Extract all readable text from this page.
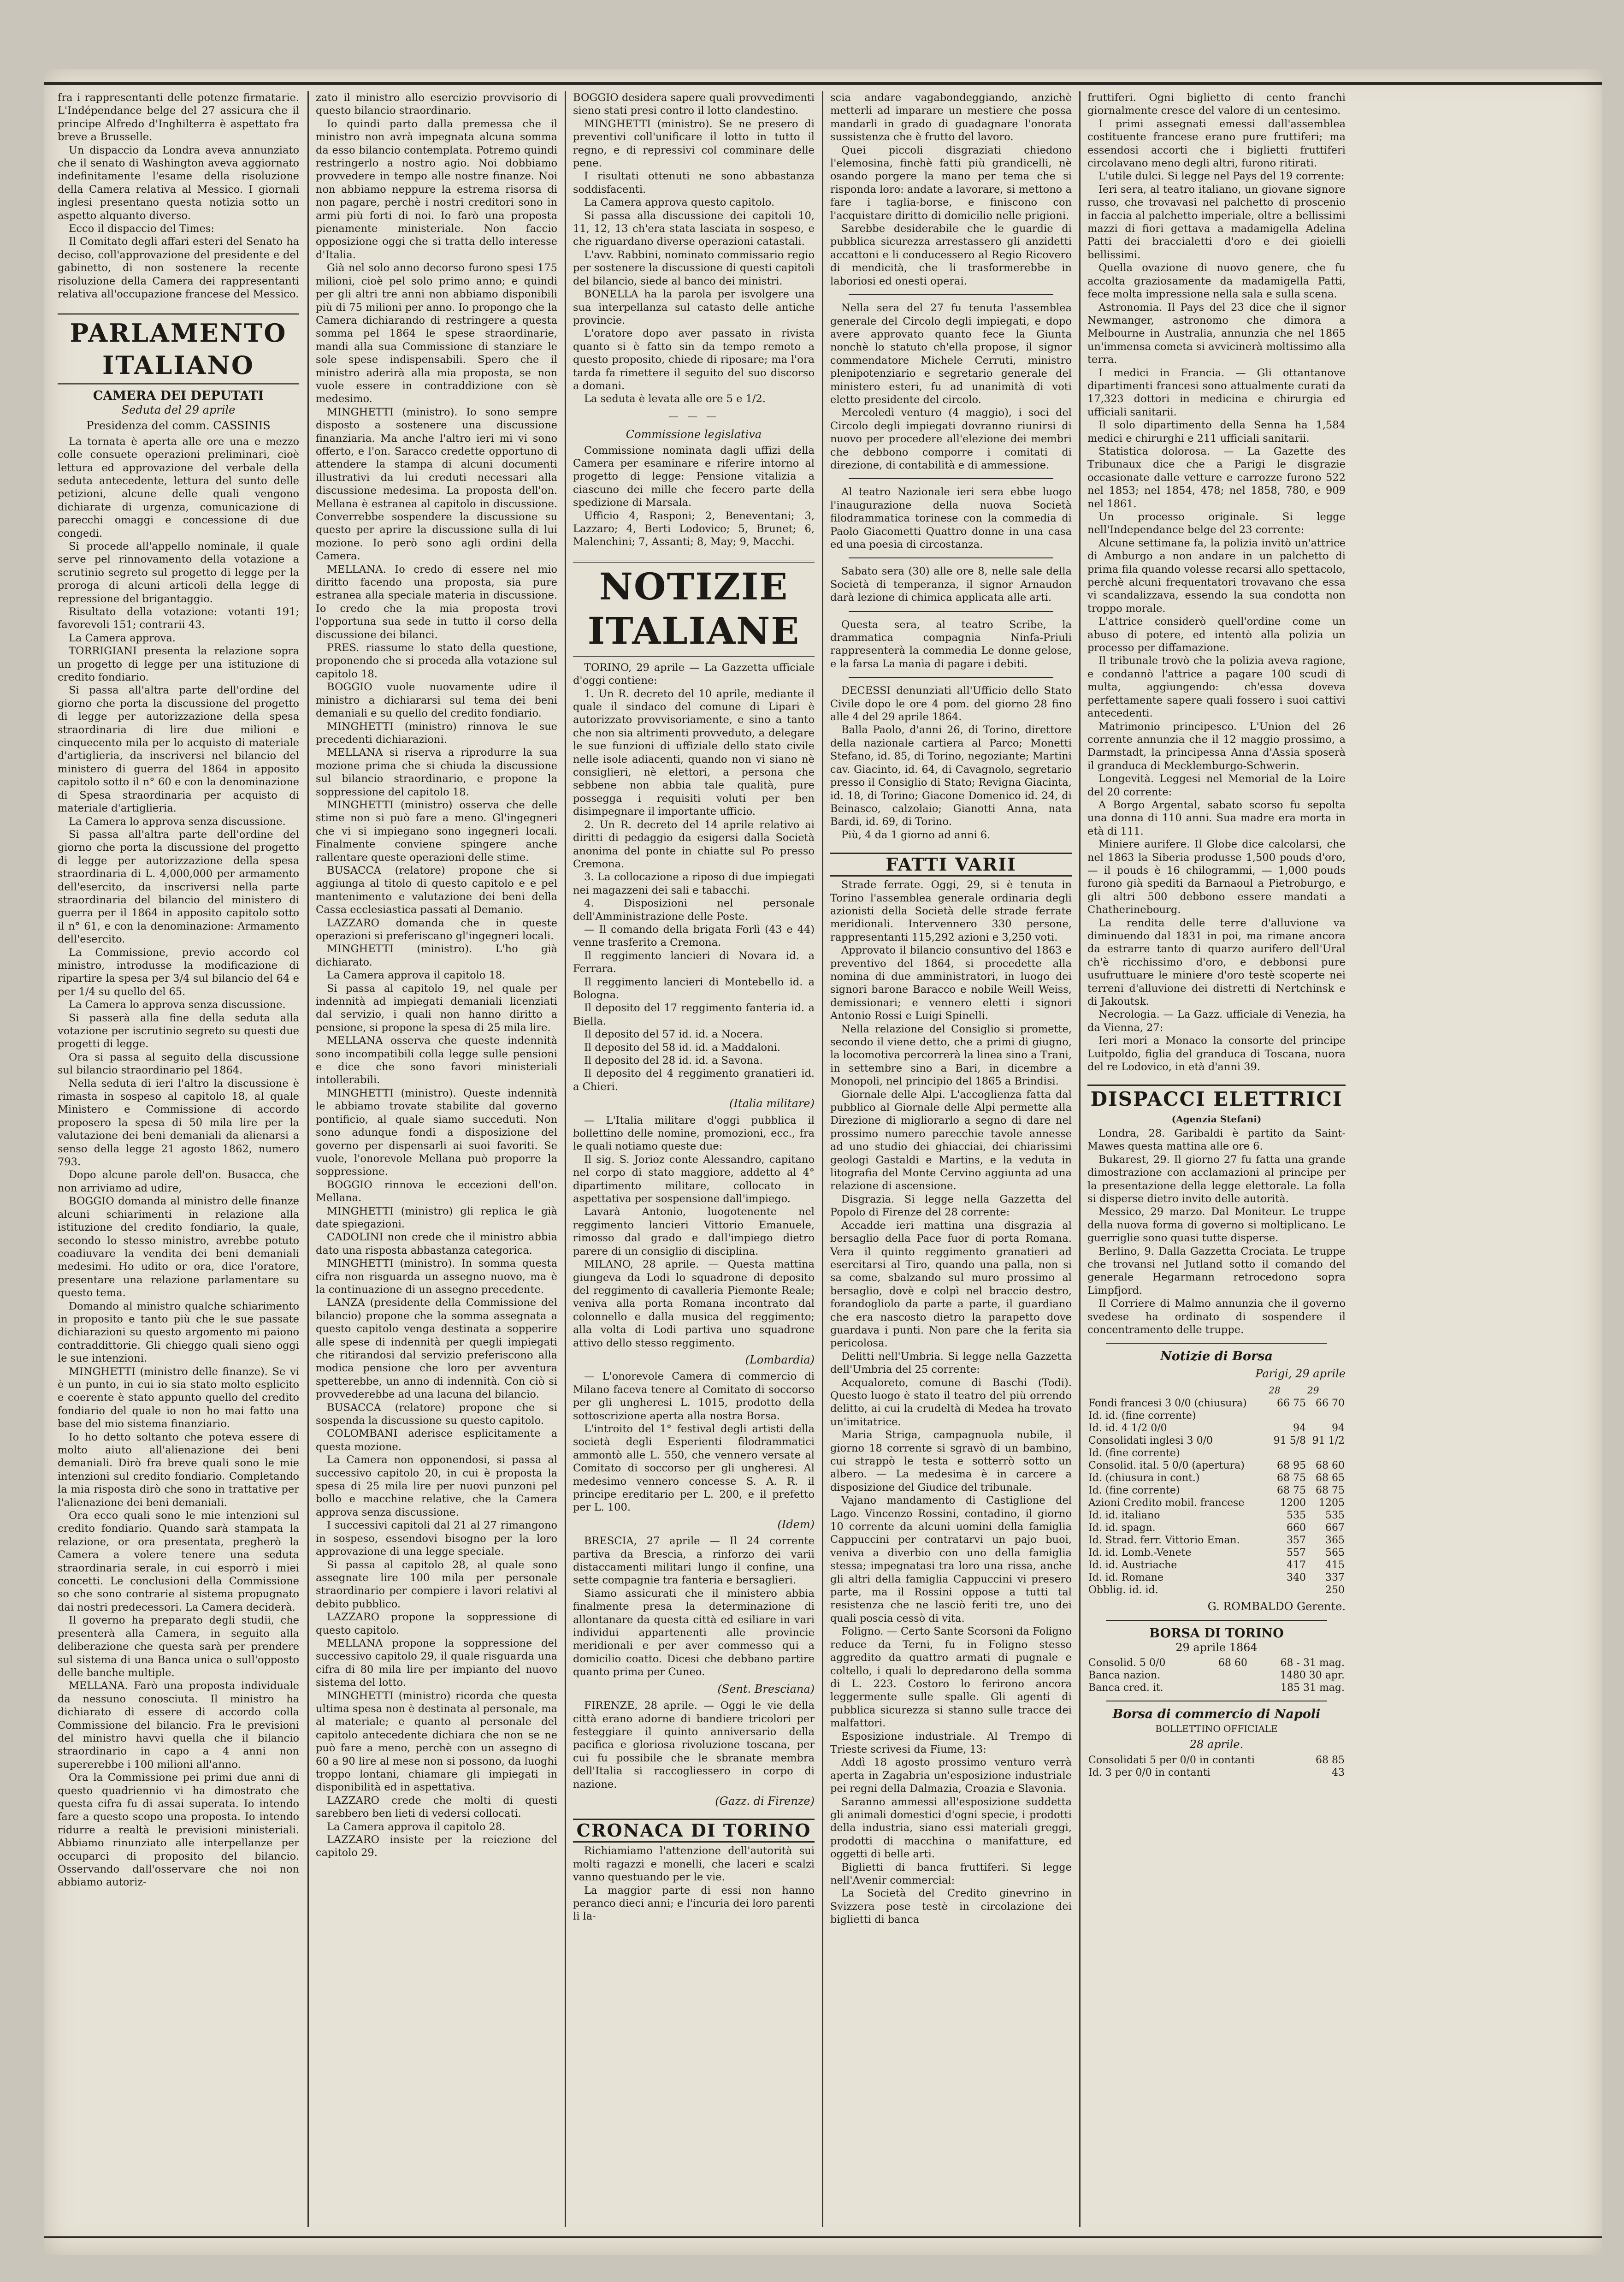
fra i rappresentanti delle potenze firmatarie. L'Indépendance belge del 27 assicura che il principe Alfredo d'Inghilterra è aspettato fra breve a Brusselle.

Un dispaccio da Londra aveva annunziato che il senato di Washington aveva aggiornato indefinitamente l'esame della risoluzione della Camera relativa al Messico. I giornali inglesi presentano questa notizia sotto un aspetto alquanto diverso.

Ecco il dispaccio del Times:

Il Comitato degli affari esteri del Senato ha deciso, coll'approvazione del presidente e del gabinetto, di non sostenere la recente risoluzione della Camera dei rappresentanti relativa all'occupazione francese del Messico.

PARLAMENTO ITALIANO
CAMERA DEI DEPUTATI
Seduta del 29 aprile
Presidenza del comm. CASSINIS

La tornata è aperta alle ore una e mezzo colle consuete operazioni preliminari, cioè lettura ed approvazione del verbale della seduta antecedente, lettura del sunto delle petizioni, alcune delle quali vengono dichiarate di urgenza, comunicazione di parecchi omaggi e concessione di due congedi.

Si procede all'appello nominale, il quale serve pel rinnovamento della votazione a scrutinio segreto sul progetto di legge per la proroga di alcuni articoli della legge di repressione del brigantaggio.

Risultato della votazione: votanti 191; favorevoli 151; contrarii 43.

La Camera approva.

TORRIGIANI presenta la relazione sopra un progetto di legge per una istituzione di credito fondiario.

Si passa all'altra parte dell'ordine del giorno che porta la discussione del progetto di legge per autorizzazione della spesa straordinaria di lire due milioni e cinquecento mila per lo acquisto di materiale d'artiglieria, da inscriversi nel bilancio del ministero di guerra del 1864 in apposito capitolo sotto il n° 60 e con la denominazione di Spesa straordinaria per acquisto di materiale d'artiglieria.

La Camera lo approva senza discussione.

Si passa all'altra parte dell'ordine del giorno che porta la discussione del progetto di legge per autorizzazione della spesa straordinaria di L. 4,000,000 per armamento dell'esercito, da inscriversi nella parte straordinaria del bilancio del ministero di guerra per il 1864 in apposito capitolo sotto il n° 61, e con la denominazione: Armamento dell'esercito.

La Commissione, previo accordo col ministro, introdusse la modificazione di ripartire la spesa per 3/4 sul bilancio del 64 e per 1/4 su quello del 65.

La Camera lo approva senza discussione.

Si passerà alla fine della seduta alla votazione per iscrutinio segreto su questi due progetti di legge.

Ora si passa al seguito della discussione sul bilancio straordinario pel 1864.

Nella seduta di ieri l'altro la discussione è rimasta in sospeso al capitolo 18, al quale Ministero e Commissione di accordo proposero la spesa di 50 mila lire per la valutazione dei beni demaniali da alienarsi a senso della legge 21 agosto 1862, numero 793.

Dopo alcune parole dell'on. Busacca, che non arriviamo ad udire,

BOGGIO domanda al ministro delle finanze alcuni schiarimenti in relazione alla istituzione del credito fondiario, la quale, secondo lo stesso ministro, avrebbe potuto coadiuvare la vendita dei beni demaniali medesimi. Ho udito or ora, dice l'oratore, presentare una relazione parlamentare su questo tema.

Domando al ministro qualche schiarimento in proposito e tanto più che le sue passate dichiarazioni su questo argomento mi paiono contraddittorie. Gli chieggo quali sieno oggi le sue intenzioni.

MINGHETTI (ministro delle finanze). Se vi è un punto, in cui io sia stato molto esplicito e coerente è stato appunto quello del credito fondiario del quale io non ho mai fatto una base del mio sistema finanziario.

Io ho detto soltanto che poteva essere di molto aiuto all'alienazione dei beni demaniali. Dirò fra breve quali sono le mie intenzioni sul credito fondiario. Completando la mia risposta dirò che sono in trattative per l'alienazione dei beni demaniali.

Ora ecco quali sono le mie intenzioni sul credito fondiario. Quando sarà stampata la relazione, or ora presentata, pregherò la Camera a volere tenere una seduta straordinaria serale, in cui esporrò i miei concetti. Le conclusioni della Commissione so che sono contrarie al sistema propugnato dai nostri predecessori. La Camera deciderà.

Il governo ha preparato degli studii, che presenterà alla Camera, in seguito alla deliberazione che questa sarà per prendere sul sistema di una Banca unica o sull'opposto delle banche multiple.

MELLANA. Farò una proposta individuale da nessuno conosciuta. Il ministro ha dichiarato di essere di accordo colla Commissione del bilancio. Fra le previsioni del ministro havvi quella che il bilancio straordinario in capo a 4 anni non supererebbe i 100 milioni all'anno.

Ora la Commissione pei primi due anni di questo quadriennio vi ha dimostrato che questa cifra fu di assai superata. Io intendo fare a questo scopo una proposta. Io intendo ridurre a realtà le previsioni ministeriali. Abbiamo rinunziato alle interpellanze per occuparci di proposito del bilancio. Osservando dall'osservare che noi non abbiamo autoriz-

zato il ministro allo esercizio provvisorio di questo bilancio straordinario.

Io quindi parto dalla premessa che il ministro non avrà impegnata alcuna somma da esso bilancio contemplata. Potremo quindi restringerlo a nostro agio. Noi dobbiamo provvedere in tempo alle nostre finanze. Noi non abbiamo neppure la estrema risorsa di non pagare, perchè i nostri creditori sono in armi più forti di noi. Io farò una proposta pienamente ministeriale. Non faccio opposizione oggi che si tratta dello interesse d'Italia.

Già nel solo anno decorso furono spesi 175 milioni, cioè pel solo primo anno; e quindi per gli altri tre anni non abbiamo disponibili più di 75 milioni per anno. Io propongo che la Camera dichiarando di restringere a questa somma pel 1864 le spese straordinarie, mandi alla sua Commissione di stanziare le sole spese indispensabili. Spero che il ministro aderirà alla mia proposta, se non vuole essere in contraddizione con sè medesimo.

MINGHETTI (ministro). Io sono sempre disposto a sostenere una discussione finanziaria. Ma anche l'altro ieri mi vi sono offerto, e l'on. Saracco credette opportuno di attendere la stampa di alcuni documenti illustrativi da lui creduti necessari alla discussione medesima. La proposta dell'on. Mellana è estranea al capitolo in discussione. Converrebbe sospendere la discussione su questo per aprire la discussione sulla di lui mozione. Io però sono agli ordini della Camera.

MELLANA. Io credo di essere nel mio diritto facendo una proposta, sia pure estranea alla speciale materia in discussione. Io credo che la mia proposta trovi l'opportuna sua sede in tutto il corso della discussione dei bilanci.

PRES. riassume lo stato della questione, proponendo che si proceda alla votazione sul capitolo 18.

BOGGIO vuole nuovamente udire il ministro a dichiararsi sul tema dei beni demaniali e su quello del credito fondiario.

MINGHETTI (ministro) rinnova le sue precedenti dichiarazioni.

MELLANA si riserva a riprodurre la sua mozione prima che si chiuda la discussione sul bilancio straordinario, e propone la soppressione del capitolo 18.

MINGHETTI (ministro) osserva che delle stime non si può fare a meno. Gl'ingegneri che vi si impiegano sono ingegneri locali. Finalmente conviene spingere anche rallentare queste operazioni delle stime.

BUSACCA (relatore) propone che si aggiunga al titolo di questo capitolo e e pel mantenimento e valutazione dei beni della Cassa ecclesiastica passati al Demanio.

LAZZARO domanda che in queste operazioni si preferiscano gl'ingegneri locali.

MINGHETTI (ministro). L'ho già dichiarato.

La Camera approva il capitolo 18.

Si passa al capitolo 19, nel quale per indennità ad impiegati demaniali licenziati dal servizio, i quali non hanno diritto a pensione, si propone la spesa di 25 mila lire.

MELLANA osserva che queste indennità sono incompatibili colla legge sulle pensioni e dice che sono favori ministeriali intollerabili.

MINGHETTI (ministro). Queste indennità le abbiamo trovate stabilite dal governo pontificio, al quale siamo succeduti. Non sono adunque fondi a disposizione del governo per dispensarli ai suoi favoriti. Se vuole, l'onorevole Mellana può proporre la soppressione.

BOGGIO rinnova le eccezioni dell'on. Mellana.

MINGHETTI (ministro) gli replica le già date spiegazioni.

CADOLINI non crede che il ministro abbia dato una risposta abbastanza categorica.

MINGHETTI (ministro). In somma questa cifra non risguarda un assegno nuovo, ma è la continuazione di un assegno precedente.

LANZA (presidente della Commissione del bilancio) propone che la somma assegnata a questo capitolo venga destinata a sopperire alle spese di indennità per quegli impiegati che ritirandosi dal servizio preferiscono alla modica pensione che loro per avventura spetterebbe, un anno di indennità. Con ciò si provvederebbe ad una lacuna del bilancio.

BUSACCA (relatore) propone che si sospenda la discussione su questo capitolo.

COLOMBANI aderisce esplicitamente a questa mozione.

La Camera non opponendosi, si passa al successivo capitolo 20, in cui è proposta la spesa di 25 mila lire per nuovi punzoni pel bollo e macchine relative, che la Camera approva senza discussione.

I successivi capitoli dal 21 al 27 rimangono in sospeso, essendovi bisogno per la loro approvazione di una legge speciale.

Si passa al capitolo 28, al quale sono assegnate lire 100 mila per personale straordinario per compiere i lavori relativi al debito pubblico.

LAZZARO propone la soppressione di questo capitolo.

MELLANA propone la soppressione del successivo capitolo 29, il quale risguarda una cifra di 80 mila lire per impianto del nuovo sistema del lotto.

MINGHETTI (ministro) ricorda che questa ultima spesa non è destinata al personale, ma al materiale; e quanto al personale del capitolo antecedente dichiara che non se ne può fare a meno, perchè con un assegno di 60 a 90 lire al mese non si possono, da luoghi troppo lontani, chiamare gli impiegati in disponibilità ed in aspettativa.

LAZZARO crede che molti di questi sarebbero ben lieti di vedersi collocati.

La Camera approva il capitolo 28.

LAZZARO insiste per la reiezione del capitolo 29.

BOGGIO desidera sapere quali provvedimenti sieno stati presi contro il lotto clandestino.

MINGHETTI (ministro). Se ne presero di preventivi coll'unificare il lotto in tutto il regno, e di repressivi col comminare delle pene.

I risultati ottenuti ne sono abbastanza soddisfacenti.

La Camera approva questo capitolo.

Si passa alla discussione dei capitoli 10, 11, 12, 13 ch'era stata lasciata in sospeso, e che riguardano diverse operazioni catastali.

L'avv. Rabbini, nominato commissario regio per sostenere la discussione di questi capitoli del bilancio, siede al banco dei ministri.

BONELLA ha la parola per isvolgere una sua interpellanza sul catasto delle antiche provincie.

L'oratore dopo aver passato in rivista quanto si è fatto sin da tempo remoto a questo proposito, chiede di riposare; ma l'ora tarda fa rimettere il seguito del suo discorso a domani.

La seduta è levata alle ore 5 e 1/2.

— — —
Commissione legislativa

Commissione nominata dagli uffizi della Camera per esaminare e riferire intorno al progetto di legge: Pensione vitalizia a ciascuno dei mille che fecero parte della spedizione di Marsala.

Ufficio 4, Rasponi; 2, Beneventani; 3, Lazzaro; 4, Berti Lodovico; 5, Brunet; 6, Malenchini; 7, Assanti; 8, May; 9, Macchi.

NOTIZIE ITALIANE

TORINO, 29 aprile — La Gazzetta ufficiale d'oggi contiene:

1. Un R. decreto del 10 aprile, mediante il quale il sindaco del comune di Lipari è autorizzato provvisoriamente, e sino a tanto che non sia altrimenti provveduto, a delegare le sue funzioni di uffiziale dello stato civile nelle isole adiacenti, quando non vi siano nè consiglieri, nè elettori, a persona che sebbene non abbia tale qualità, pure possegga i requisiti voluti per ben disimpegnare il importante ufficio.

2. Un R. decreto del 14 aprile relativo ai diritti di pedaggio da esigersi dalla Società anonima del ponte in chiatte sul Po presso Cremona.

3. La collocazione a riposo di due impiegati nei magazzeni dei sali e tabacchi.

4. Disposizioni nel personale dell'Amministrazione delle Poste.

— Il comando della brigata Forlì (43 e 44) venne trasferito a Cremona.

Il reggimento lancieri di Novara id. a Ferrara.

Il reggimento lancieri di Montebello id. a Bologna.

Il deposito del 17 reggimento fanteria id. a Biella.

Il deposito del 57 id. id. a Nocera.

Il deposito del 58 id. id. a Maddaloni.

Il deposito del 28 id. id. a Savona.

Il deposito del 4 reggimento granatieri id. a Chieri.

(Italia militare)

— L'Italia militare d'oggi pubblica il bollettino delle nomine, promozioni, ecc., fra le quali notiamo queste due:

Il sig. S. Jorioz conte Alessandro, capitano nel corpo di stato maggiore, addetto al 4° dipartimento militare, collocato in aspettativa per sospensione dall'impiego.

Lavarà Antonio, luogotenente nel reggimento lancieri Vittorio Emanuele, rimosso dal grado e dall'impiego dietro parere di un consiglio di disciplina.

MILANO, 28 aprile. — Questa mattina giungeva da Lodi lo squadrone di deposito del reggimento di cavalleria Piemonte Reale; veniva alla porta Romana incontrato dal colonnello e dalla musica del reggimento; alla volta di Lodi partiva uno squadrone attivo dello stesso reggimento.

(Lombardia)

— L'onorevole Camera di commercio di Milano faceva tenere al Comitato di soccorso per gli ungheresi L. 1015, prodotto della sottoscrizione aperta alla nostra Borsa.

L'introito del 1° festival degli artisti della società degli Esperienti filodrammatici ammontò alle L. 550, che vennero versate al Comitato di soccorso per gli ungheresi. Al medesimo vennero concesse S. A. R. il principe ereditario per L. 200, e il prefetto per L. 100.

(Idem)

BRESCIA, 27 aprile — Il 24 corrente partiva da Brescia, a rinforzo dei varii distaccamenti militari lungo il confine, una sette compagnie tra fanteria e bersaglieri.

Siamo assicurati che il ministero abbia finalmente presa la determinazione di allontanare da questa città ed esiliare in vari individui appartenenti alle provincie meridionali e per aver commesso qui a domicilio coatto. Dicesi che debbano partire quanto prima per Cuneo.

(Sent. Bresciana)

FIRENZE, 28 aprile. — Oggi le vie della città erano adorne di bandiere tricolori per festeggiare il quinto anniversario della pacifica e gloriosa rivoluzione toscana, per cui fu possibile che le sbranate membra dell'Italia si raccogliessero in corpo di nazione.

(Gazz. di Firenze)
CRONACA DI TORINO

Richiamiamo l'attenzione dell'autorità sui molti ragazzi e monelli, che laceri e scalzi vanno questuando per le vie.

La maggior parte di essi non hanno peranco dieci anni; e l'incuria dei loro parenti li la-

scia andare vagabondeggiando, anzichè metterli ad imparare un mestiere che possa mandarli in grado di guadagnare l'onorata sussistenza che è frutto del lavoro.

Quei piccoli disgraziati chiedono l'elemosina, finchè fatti più grandicelli, nè osando porgere la mano per tema che si risponda loro: andate a lavorare, si mettono a fare i taglia-borse, e finiscono con l'acquistare diritto di domicilio nelle prigioni.

Sarebbe desiderabile che le guardie di pubblica sicurezza arrestassero gli anzidetti accattoni e li conducessero al Regio Ricovero di mendicità, che li trasformerebbe in laboriosi ed onesti operai.

Nella sera del 27 fu tenuta l'assemblea generale del Circolo degli impiegati, e dopo avere approvato quanto fece la Giunta nonchè lo statuto ch'ella propose, il signor commendatore Michele Cerruti, ministro plenipotenziario e segretario generale del ministero esteri, fu ad unanimità di voti eletto presidente del circolo.

Mercoledì venturo (4 maggio), i soci del Circolo degli impiegati dovranno riunirsi di nuovo per procedere all'elezione dei membri che debbono comporre i comitati di direzione, di contabilità e di ammessione.

Al teatro Nazionale ieri sera ebbe luogo l'inaugurazione della nuova Società filodrammatica torinese con la commedia di Paolo Giacometti Quattro donne in una casa ed una poesia di circostanza.

Sabato sera (30) alle ore 8, nelle sale della Società di temperanza, il signor Arnaudon darà lezione di chimica applicata alle arti.

Questa sera, al teatro Scribe, la drammatica compagnia Ninfa-Priuli rappresenterà la commedia Le donne gelose, e la farsa La manìa di pagare i debiti.

DECESSI denunziati all'Ufficio dello Stato Civile dopo le ore 4 pom. del giorno 28 fino alle 4 del 29 aprile 1864.

Balla Paolo, d'anni 26, di Torino, direttore della nazionale cartiera al Parco; Monetti Stefano, id. 85, di Torino, negoziante; Martini cav. Giacinto, id. 64, di Cavagnolo, segretario presso il Consiglio di Stato; Revigna Giacinta, id. 18, di Torino; Giacone Domenico id. 24, di Beinasco, calzolaio; Gianotti Anna, nata Bardi, id. 69, di Torino.

Più, 4 da 1 giorno ad anni 6.

FATTI VARII

Strade ferrate. Oggi, 29, si è tenuta in Torino l'assemblea generale ordinaria degli azionisti della Società delle strade ferrate meridionali. Intervennero 330 persone, rappresentanti 115,292 azioni e 3,250 voti.

Approvato il bilancio consuntivo del 1863 e preventivo del 1864, si procedette alla nomina di due amministratori, in luogo dei signori barone Baracco e nobile Weill Weiss, demissionari; e vennero eletti i signori Antonio Rossi e Luigi Spinelli.

Nella relazione del Consiglio si promette, secondo il viene detto, che a primi di giugno, la locomotiva percorrerà la linea sino a Trani, in settembre sino a Bari, in dicembre a Monopoli, nel principio del 1865 a Brindisi.

Giornale delle Alpi. L'accoglienza fatta dal pubblico al Giornale delle Alpi permette alla Direzione di migliorarlo a segno di dare nel prossimo numero parecchie tavole annesse ad uno studio dei ghiacciai, dei chiarissimi geologi Gastaldi e Martins, e la veduta in litografia del Monte Cervino aggiunta ad una relazione di ascensione.

Disgrazia. Si legge nella Gazzetta del Popolo di Firenze del 28 corrente:

Accadde ieri mattina una disgrazia al bersaglio della Pace fuor di porta Romana. Vera il quinto reggimento granatieri ad esercitarsi al Tiro, quando una palla, non si sa come, sbalzando sul muro prossimo al bersaglio, dovè e colpì nel braccio destro, forandogliolo da parte a parte, il guardiano che era nascosto dietro la parapetto dove guardava i punti. Non pare che la ferita sia pericolosa.

Delitti nell'Umbria. Si legge nella Gazzetta dell'Umbria del 25 corrente:

Acqualoreto, comune di Baschi (Todi). Questo luogo è stato il teatro del più orrendo delitto, ai cui la crudeltà di Medea ha trovato un'imitatrice.

Maria Striga, campagnuola nubile, il giorno 18 corrente si sgravò di un bambino, cui strappò le testa e sotterrò sotto un albero. — La medesima è in carcere a disposizione del Giudice del tribunale.

Vajano mandamento di Castiglione del Lago. Vincenzo Rossini, contadino, il giorno 10 corrente da alcuni uomini della famiglia Cappuccini per contratarvi un pajo buoi, veniva a diverbio con uno della famiglia stessa; impegnatasi tra loro una rissa, anche gli altri della famiglia Cappuccini vi presero parte, ma il Rossini oppose a tutti tal resistenza che ne lasciò feriti tre, uno dei quali poscia cessò di vita.

Foligno. — Certo Sante Scorsoni da Foligno reduce da Terni, fu in Foligno stesso aggredito da quattro armati di pugnale e coltello, i quali lo depredarono della somma di L. 223. Costoro lo ferirono ancora leggermente sulle spalle. Gli agenti di pubblica sicurezza si stanno sulle tracce dei malfattori.

Esposizione industriale. Al Trempo di Trieste scrivesi da Fiume, 13:

Addì 18 agosto prossimo venturo verrà aperta in Zagabria un'esposizione industriale pei regni della Dalmazia, Croazia e Slavonia.

Saranno ammessi all'esposizione suddetta gli animali domestici d'ogni specie, i prodotti della industria, siano essi materiali greggi, prodotti di macchina o manifatture, ed oggetti di belle arti.

Biglietti di banca fruttiferi. Si legge nell'Avenir commercial:

La Società del Credito ginevrino in Svizzera pose testè in circolazione dei biglietti di banca

fruttiferi. Ogni biglietto di cento franchi giornalmente cresce del valore di un centesimo.

I primi assegnati emessi dall'assemblea costituente francese erano pure fruttiferi; ma essendosi accorti che i biglietti fruttiferi circolavano meno degli altri, furono ritirati.

L'utile dulci. Si legge nel Pays del 19 corrente:

Ieri sera, al teatro italiano, un giovane signore russo, che trovavasi nel palchetto di proscenio in faccia al palchetto imperiale, oltre a bellissimi mazzi di fiori gettava a madamigella Adelina Patti dei braccialetti d'oro e dei gioielli bellissimi.

Quella ovazione di nuovo genere, che fu accolta graziosamente da madamigella Patti, fece molta impressione nella sala e sulla scena.

Astronomia. Il Pays del 23 dice che il signor Newmanger, astronomo che dimora a Melbourne in Australia, annunzia che nel 1865 un'immensa cometa si avvicinerà moltissimo alla terra.

I medici in Francia. — Gli ottantanove dipartimenti francesi sono attualmente curati da 17,323 dottori in medicina e chirurgia ed ufficiali sanitarii.

Il solo dipartimento della Senna ha 1,584 medici e chirurghi e 211 ufficiali sanitarii.

Statistica dolorosa. — La Gazette des Tribunaux dice che a Parigi le disgrazie occasionate dalle vetture e carrozze furono 522 nel 1853; nel 1854, 478; nel 1858, 780, e 909 nel 1861.

Un processo originale. Si legge nell'Independance belge del 23 corrente:

Alcune settimane fa, la polizia invitò un'attrice di Amburgo a non andare in un palchetto di prima fila quando volesse recarsi allo spettacolo, perchè alcuni frequentatori trovavano che essa vi scandalizzava, essendo la sua condotta non troppo morale.

L'attrice considerò quell'ordine come un abuso di potere, ed intentò alla polizia un processo per diffamazione.

Il tribunale trovò che la polizia aveva ragione, e condannò l'attrice a pagare 100 scudi di multa, aggiungendo: ch'essa doveva perfettamente sapere quali fossero i suoi cattivi antecedenti.

Matrimonio principesco. L'Union del 26 corrente annunzia che il 12 maggio prossimo, a Darmstadt, la principessa Anna d'Assia sposerà il granduca di Mecklemburgo-Schwerin.

Longevità. Leggesi nel Memorial de la Loire del 20 corrente:

A Borgo Argental, sabato scorso fu sepolta una donna di 110 anni. Sua madre era morta in età di 111.

Miniere aurifere. Il Globe dice calcolarsi, che nel 1863 la Siberia produsse 1,500 pouds d'oro, — il pouds è 16 chilogrammi, — 1,000 pouds furono già spediti da Barnaoul a Pietroburgo, e gli altri 500 debbono essere mandati a Chatherinebourg.

La rendita delle terre d'alluvione va diminuendo dal 1831 in poi, ma rimane ancora da estrarre tanto di quarzo aurifero dell'Ural ch'è ricchissimo d'oro, e debbonsi pure usufruttuare le miniere d'oro testè scoperte nei terreni d'alluvione dei distretti di Nertchinsk e di Jakoutsk.

Necrologia. — La Gazz. ufficiale di Venezia, ha da Vienna, 27:

Ieri mori a Monaco la consorte del principe Luitpoldo, figlia del granduca di Toscana, nuora del re Lodovico, in età d'anni 39.

DISPACCI ELETTRICI
(Agenzia Stefani)

Londra, 28. Garibaldi è partito da Saint-Mawes questa mattina alle ore 6.

Bukarest, 29. Il giorno 27 fu fatta una grande dimostrazione con acclamazioni al principe per la presentazione della legge elettorale. La folla si disperse dietro invito delle autorità.

Messico, 29 marzo. Dal Moniteur. Le truppe della nuova forma di governo si moltiplicano. Le guerriglie sono quasi tutte disperse.

Berlino, 9. Dalla Gazzetta Crociata. Le truppe che trovansi nel Jutland sotto il comando del generale Hegarmann retrocedono sopra Limpfjord.

Il Corriere di Malmo annunzia che il governo svedese ha ordinato di sospendere il concentramento delle truppe.

Notizie di Borsa
Parigi, 29 aprile
	28	29
Fondi francesi 3 0/0 (chiusura)	66 75	66 70
Id. id. (fine corrente)		
Id. id. 4 1/2 0/0	94	94
Consolidati inglesi 3 0/0	91 5/8	91 1/2
Id. (fine corrente)		
Consolid. ital. 5 0/0 (apertura)	68 95	68 60
Id. (chiusura in cont.)	68 75	68 65
Id. (fine corrente)	68 75	68 75
Azioni Credito mobil. francese	1200	1205
Id. id. italiano	535	535
Id. id. spagn.	660	667
Id. Strad. ferr. Vittorio Eman.	357	365
Id. id. Lomb.-Venete	557	565
Id. id. Austriache	417	415
Id. id. Romane	340	337
Obblig. id. id.		250
G. ROMBALDO Gerente.
BORSA DI TORINO
29 aprile 1864
Consolid. 5 0/0	68 60	68 - 31 mag.
Banca nazion.		1480 30 apr.
Banca cred. it.		185 31 mag.
Borsa di commercio di Napoli
BOLLETTINO OFFICIALE
28 aprile.
Consolidati 5 per 0/0 in contanti	68 85
Id. 3 per 0/0 in contanti	43
